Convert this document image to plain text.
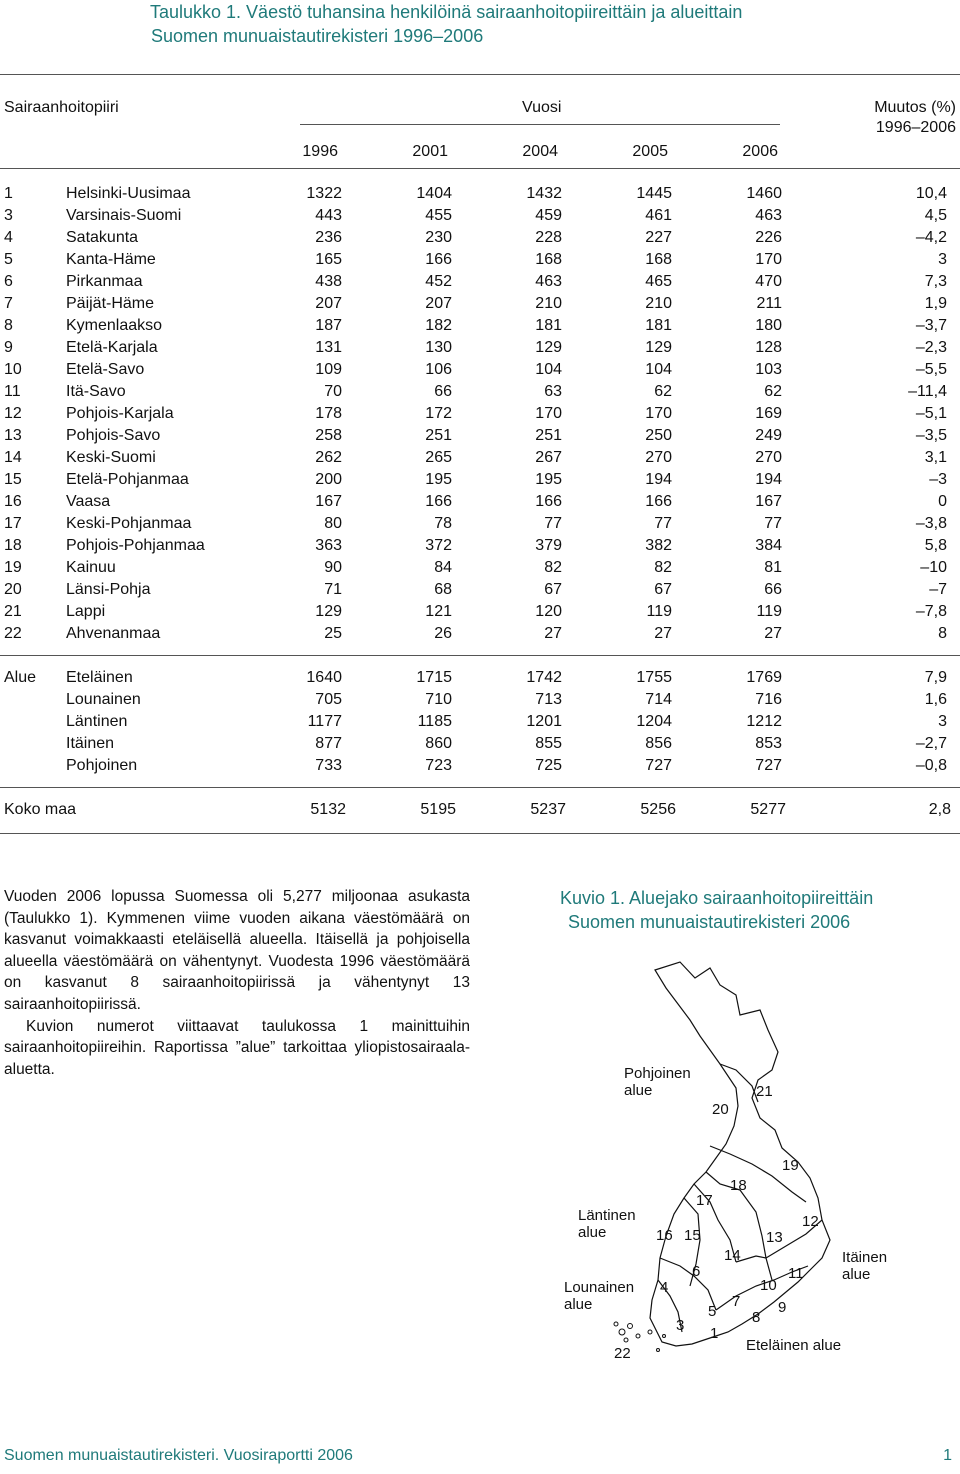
Taulukko 1. Väestö tuhansina henkilöinä sairaanhoitopiireittäin ja alueittain
Suomen munuaistautirekisteri 1996–2006
Sairaanhoitopiiri	Vuosi	Muutos (%)
1996–2006
1996	2001	2004	2005	2006
1	Helsinki-Uusimaa	1322	1404	1432	1445	1460	10,4
3	Varsinais-Suomi	443	455	459	461	463	4,5
4	Satakunta	236	230	228	227	226	–4,2
5	Kanta-Häme	165	166	168	168	170	3
6	Pirkanmaa	438	452	463	465	470	7,3
7	Päijät-Häme	207	207	210	210	211	1,9
8	Kymenlaakso	187	182	181	181	180	–3,7
9	Etelä-Karjala	131	130	129	129	128	–2,3
10	Etelä-Savo	109	106	104	104	103	–5,5
11	Itä-Savo	70	66	63	62	62	–11,4
12	Pohjois-Karjala	178	172	170	170	169	–5,1
13	Pohjois-Savo	258	251	251	250	249	–3,5
14	Keski-Suomi	262	265	267	270	270	3,1
15	Etelä-Pohjanmaa	200	195	195	194	194	–3
16	Vaasa	167	166	166	166	167	0
17	Keski-Pohjanmaa	80	78	77	77	77	–3,8
18	Pohjois-Pohjanmaa	363	372	379	382	384	5,8
19	Kainuu	90	84	82	82	81	–10
20	Länsi-Pohja	71	68	67	67	66	–7
21	Lappi	129	121	120	119	119	–7,8
22	Ahvenanmaa	25	26	27	27	27	8
Alue	Eteläinen	1640	1715	1742	1755	1769	7,9
	Lounainen	705	710	713	714	716	1,6
	Läntinen	1177	1185	1201	1204	1212	3
	Itäinen	877	860	855	856	853	–2,7
	Pohjoinen	733	723	725	727	727	–0,8
Koko maa	5132	5195	5237	5256	5277	2,8

Vuoden 2006 lopussa Suomessa oli 5,277 miljoonaa asukasta (Taulukko 1). Kymmenen viime vuoden aikana väestömäärä on kasvanut voimakkaasti eteläisellä alueella. Itäisellä ja pohjoisella alueella väestömäärä on vähentynyt. Vuodesta 1996 väestömäärä on kasvanut 8 sairaanhoitopiirissä ja vähentynyt 13 sairaanhoitopiirissä.

Kuvion numerot viittaavat taulukossa 1 mainittuihin sairaanhoitopiireihin. Raportissa ”alue” tarkoittaa yliopistosairaala-aluetta.

Kuvio 1. Aluejako sairaanhoitopiireittäin
Suomen munuaistautirekisteri 2006
20
21
19
18
17
12
13
16 15
14
6	11
10
4
7
5	9
8
3 1
22
Pohjoinen
alue
Läntinen
alue
Lounainen
alue
Itäinen
alue
Eteläinen alue
Suomen munuaistautirekisteri. Vuosiraportti 2006	1
